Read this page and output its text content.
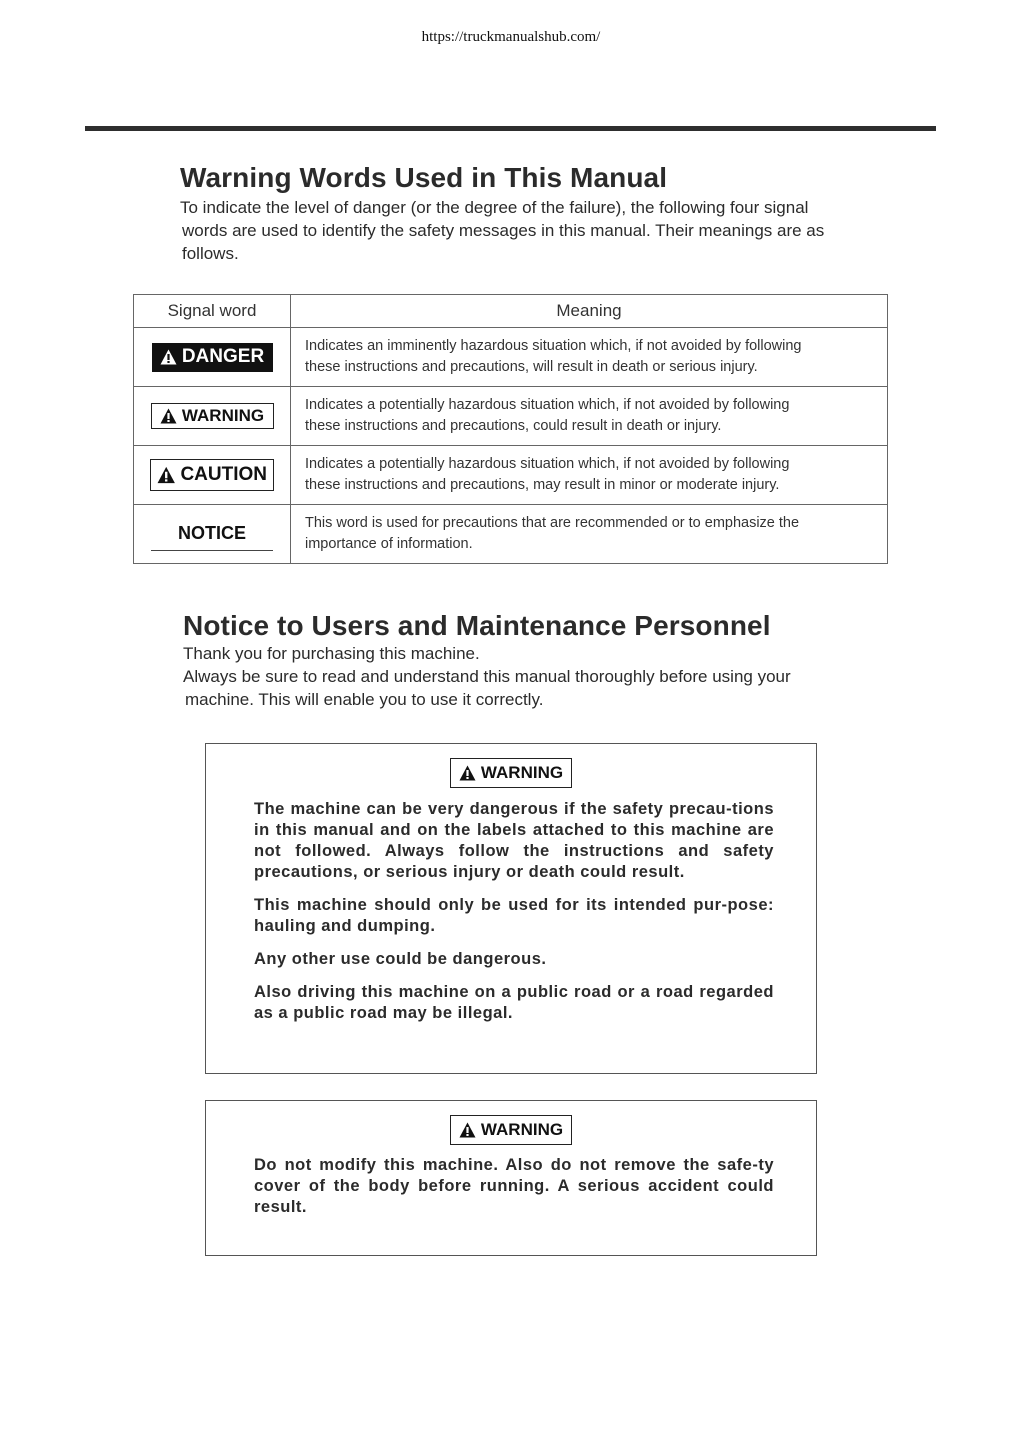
https://truckmanualshub.com/
Warning Words Used in This Manual
To indicate the level of danger (or the degree of the failure), the following four signal
words are used to identify the safety messages in this manual. Their meanings are as
follows.
Signal word	Meaning

DANGER	Indicates an imminently hazardous situation which, if not avoided by following
these instructions and precautions, will result in death or serious injury.

WARNING	Indicates a potentially hazardous situation which, if not avoided by following
these instructions and precautions, could result in death or injury.

CAUTION	Indicates a potentially hazardous situation which, if not avoided by following
these instructions and precautions, may result in minor or moderate injury.

NOTICE	This word is used for precautions that are recommended or to emphasize the
importance of information.
Notice to Users and Maintenance Personnel
Thank you for purchasing this machine.
Always be sure to read and understand this manual thoroughly before using your
machine. This will enable you to use it correctly.
WARNING

The machine can be very dangerous if the safety precau-tions in this manual and on the labels attached to this machine are not followed. Always follow the instructions and safety precautions, or serious injury or death could result.

This machine should only be used for its intended pur-pose: hauling and dumping.

Any other use could be dangerous.

Also driving this machine on a public road or a road regarded as a public road may be illegal.

WARNING

Do not modify this machine. Also do not remove the safe-ty cover of the body before running. A serious accident could result.
